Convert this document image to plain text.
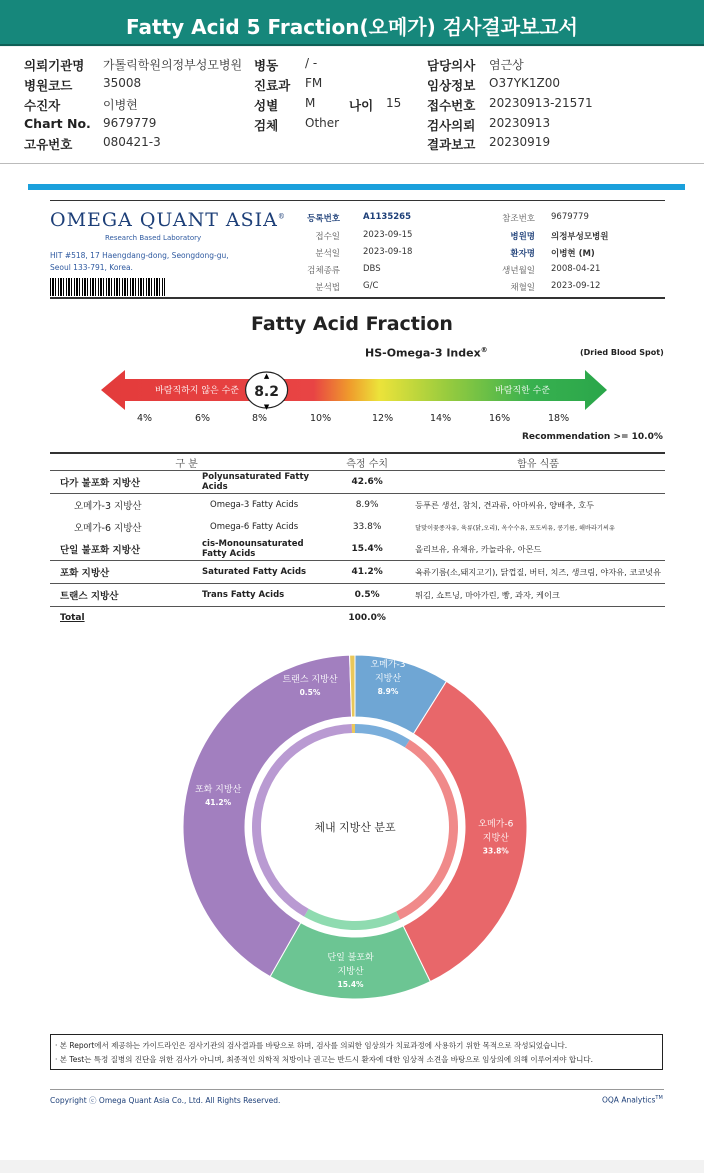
Fatty Acid 5 Fraction(오메가) 검사결과보고서
의뢰기관명 가톨릭학원의정부성모병원 병동 / -	담당의사 염근상
병원코드	35008	진료과 FM	임상정보 O37YK1Z00
수진자	이병현	성별 M	나이 15 접수번호 20230913-21571
Chart No. 9679779	검체 Other	검사의뢰 20230913
고유번호	080421-3	결과보고 20230919
OMEGA QUANT ASIA®
Research Based Laboratory
HIT #518, 17 Haengdang-dong, Seongdong-gu,
Seoul 133-791, Korea.
등록번호	A1135265
접수일	2023-09-15
분석일	2023-09-18
검체종류	DBS
분석법	G/C
참조번호 9679779
병원명 의정부성모병원
환자명 이병현 (M)
생년월일 2008-04-21
채혈일 2023-09-12
Fatty Acid Fraction
HS-Omega-3 Index®	(Dried Blood Spot)
바람직하지 않은 수준	바람직한 수준
8.2
▲
▼
4%	6%	8%	10%	12%	14%	16%	18%
Recommendation >= 10.0%
구 분		측정 수치	함유 식품
다가 불포화 지방산	Polyunsaturated Fatty Acids	42.6%	
오메가-3 지방산	Omega-3 Fatty Acids	8.9%	등푸른 생선, 참치, 견과류, 아마씨유, 양배추, 호두
오메가-6 지방산	Omega-6 Fatty Acids	33.8%	달맞이꽃종자유, 육류(닭,오리), 옥수수유, 포도씨유, 콩기름, 해바라기씨유
단일 불포화 지방산	cis-Monounsaturated Fatty Acids	15.4%	올리브유, 유채유, 카놀라유, 아몬드
포화 지방산	Saturated Fatty Acids	41.2%	육류기름(소,돼지고기), 닭껍질, 버터, 치즈, 생크림, 야자유, 코코넛유
트랜스 지방산	Trans Fatty Acids	0.5%	튀김, 쇼트닝, 마아가린, 빵, 과자, 케이크
Total		100.0%	
오메가-3
지방산
8.9%
오메가-6
지방산
33.8%
단일 불포화
지방산
15.4%
포화 지방산
41.2%
트랜스 지방산
0.5%
체내 지방산 분포
· 본 Report에서 제공하는 가이드라인은 검사기관의 검사결과를 바탕으로 하며, 검사를 의뢰한 임상의가 치료과정에 사용하기 위한 목적으로 작성되었습니다.
· 본 Test는 특정 질병의 진단을 위한 검사가 아니며, 최종적인 의학적 처방이나 권고는 반드시 환자에 대한 임상적 소견을 바탕으로 임상의에 의해 이루어져야 합니다.
Copyright ⓒ Omega Quant Asia Co., Ltd. All Rights Reserved.	OQA Analytics™
